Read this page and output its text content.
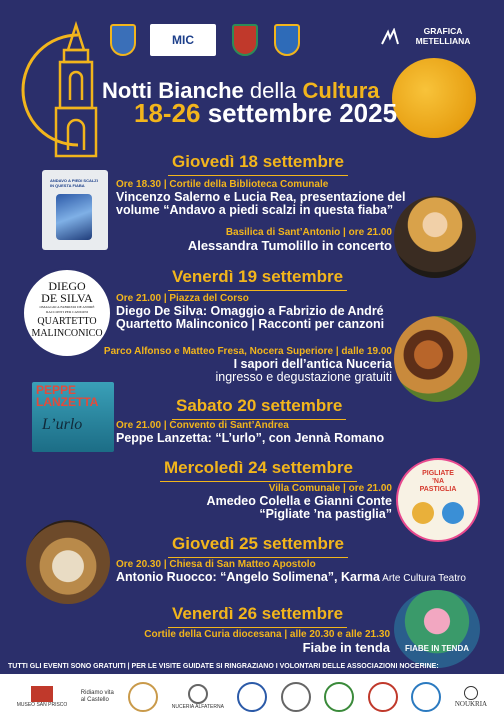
MIC
GRAFICA METELLIANA
Notti Bianche della Cultura
18-26 settembre 2025
Giovedì 18 settembre
ANDAVO A PIEDI SCALZI IN QUESTA FIABA	Ore 18.30 | Cortile della Biblioteca Comunale
Vincenzo Salerno e Lucia Rea, presentazione del
volume “Andavo a piedi scalzi in questa fiaba”
Basilica di Sant’Antonio | ore 21.00
Alessandra Tumolillo in concerto
Venerdì 19 settembre
DIEGO
DE SILVA
OMAGGIO A FABRIZIO DE ANDRÉ RACCONTI PER CANZONI
QUARTETTO
MALINCONICO
Ore 21.00 | Piazza del Corso
Diego De Silva: Omaggio a Fabrizio de André
Quartetto Malinconico | Racconti per canzoni
Parco Alfonso e Matteo Fresa, Nocera Superiore | dalle 19.00
I sapori dell’antica Nuceria
ingresso e degustazione gratuiti
Sabato 20 settembre
PEPPE
LANZETTA
L’urlo	Ore 21.00 | Convento di Sant’Andrea
Peppe Lanzetta: “L’urlo”, con Jennà Romano
Mercoledì 24 settembre
Villa Comunale | ore 21.00
Amedeo Colella e Gianni Conte
“Pigliate ’na pastiglia”
PIGLIATE
’NA
PASTIGLIA
Giovedì 25 settembre
Ore 20.30 | Chiesa di San Matteo Apostolo
Antonio Ruocco: “Angelo Solimena”, Karma Arte Cultura Teatro
Venerdì 26 settembre
Cortile della Curia diocesana | alle 20.30 e alle 21.30
Fiabe in tenda	FIABE IN TENDA
TUTTI GLI EVENTI SONO GRATUITI | PER LE VISITE GUIDATE SI RINGRAZIANO I VOLONTARI DELLE ASSOCIAZIONI NOCERINE:
MUSEO SAN PRISCO
Ridiamo vita al Castello
NUCERIA ALFATERNA	NOUKRIA
